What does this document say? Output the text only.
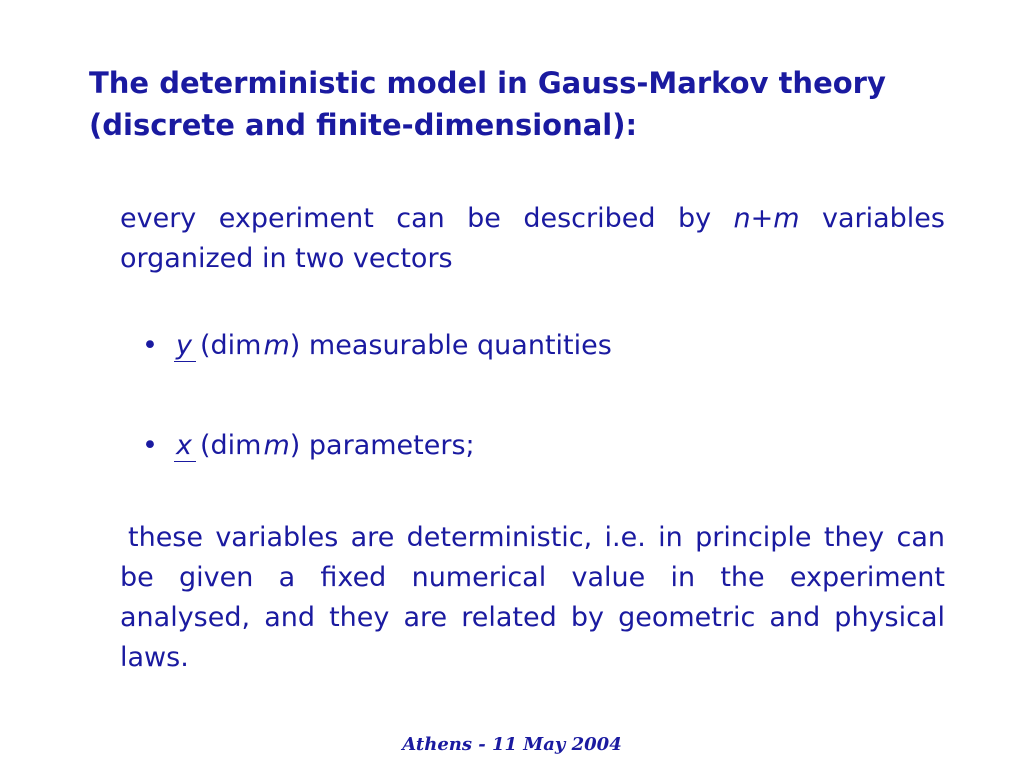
The deterministic model in Gauss-Markov theory
(discrete and finite-dimensional):

every experiment can be described by n+m variables organized in two vectors

• y (dimm) measurable quantities
• x (dimm) parameters;

these variables are deterministic, i.e. in principle they can be given a fixed numerical value in the experiment analysed, and they are related by geometric and physical laws.

Athens - 11 May 2004
